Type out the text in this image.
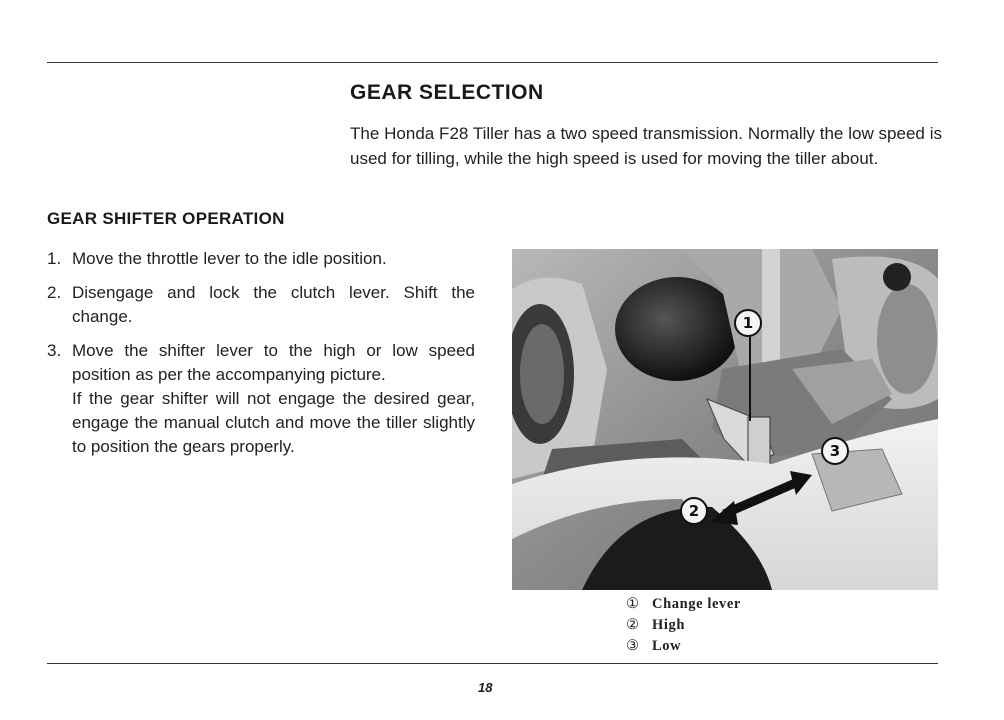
GEAR SELECTION

The Honda F28 Tiller has a two speed transmission. Normally the low speed is used for tilling, while the high speed is used for moving the tiller about.

GEAR SHIFTER OPERATION
1. Move the throttle lever to the idle position.
2. Disengage and lock the clutch lever. Shift the change.
3. Move the shifter lever to the high or low speed position as per the accompanying picture.
If the gear shifter will not engage the desired gear, engage the manual clutch and move the tiller slightly to position the gears properly.
1
2
3
① Change lever
② High
③ Low
18
